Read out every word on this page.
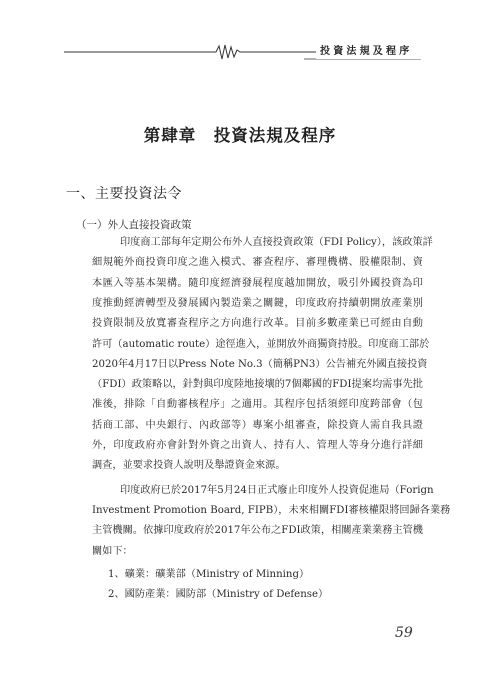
投資法規及程序
第肆章　投資法規及程序
一、主要投資法令
（一）外人直接投資政策
印度商工部每年定期公布外人直接投資政策（FDI Policy），該政策詳
細規範外商投資印度之進入模式、審查程序、審理機構、股權限制、資
本匯入等基本架構。隨印度經濟發展程度越加開放，吸引外國投資為印
度推動經濟轉型及發展國內製造業之關鍵，印度政府持續朝開放產業別
投資限制及放寬審查程序之方向進行改革。目前多數產業已可經由自動
許可（automatic route）途徑進入，並開放外商獨資持股。印度商工部於
2020年4月17日以Press Note No.3（簡稱PN3）公告補充外國直接投資
（FDI）政策略以，針對與印度陸地接壤的7個鄰國的FDI提案均需事先批
准後，排除「自動審核程序」之適用。其程序包括須經印度跨部會（包
括商工部、中央銀行、內政部等）專案小組審查，除投資人需自我具證
外，印度政府亦會針對外資之出資人、持有人、管理人等身分進行詳細
調查，並要求投資人說明及舉證資金來源。
印度政府已於2017年5月24日正式廢止印度外人投資促進局（Forign
Investment Promotion Board, FIPB），未來相關FDI審核權限將回歸各業務
主管機關。依據印度政府於2017年公布之FDI政策，相關產業業務主管機
關如下：
59
1、礦業：礦業部（Ministry of Minning）
2、國防產業：國防部（Ministry of Defense）
